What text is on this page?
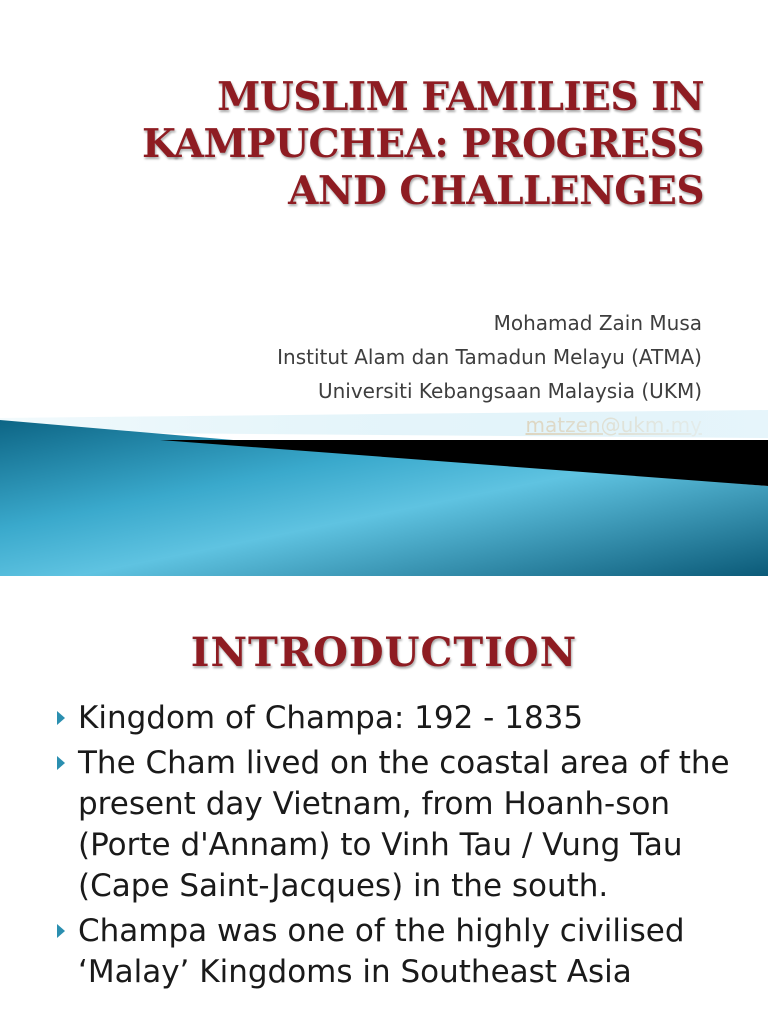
MUSLIM FAMILIES IN
KAMPUCHEA: PROGRESS
AND CHALLENGES
Mohamad Zain Musa
Institut Alam dan Tamadun Melayu (ATMA)
Universiti Kebangsaan Malaysia (UKM)
INTRODUCTION
Kingdom of Champa: 192 - 1835
The Cham lived on the coastal area of the present day Vietnam, from Hoanh-son (Porte d'Annam) to Vinh Tau / Vung Tau (Cape Saint-Jacques) in the south.
Champa was one of the highly civilised ‘Malay’ Kingdoms in Southeast Asia
